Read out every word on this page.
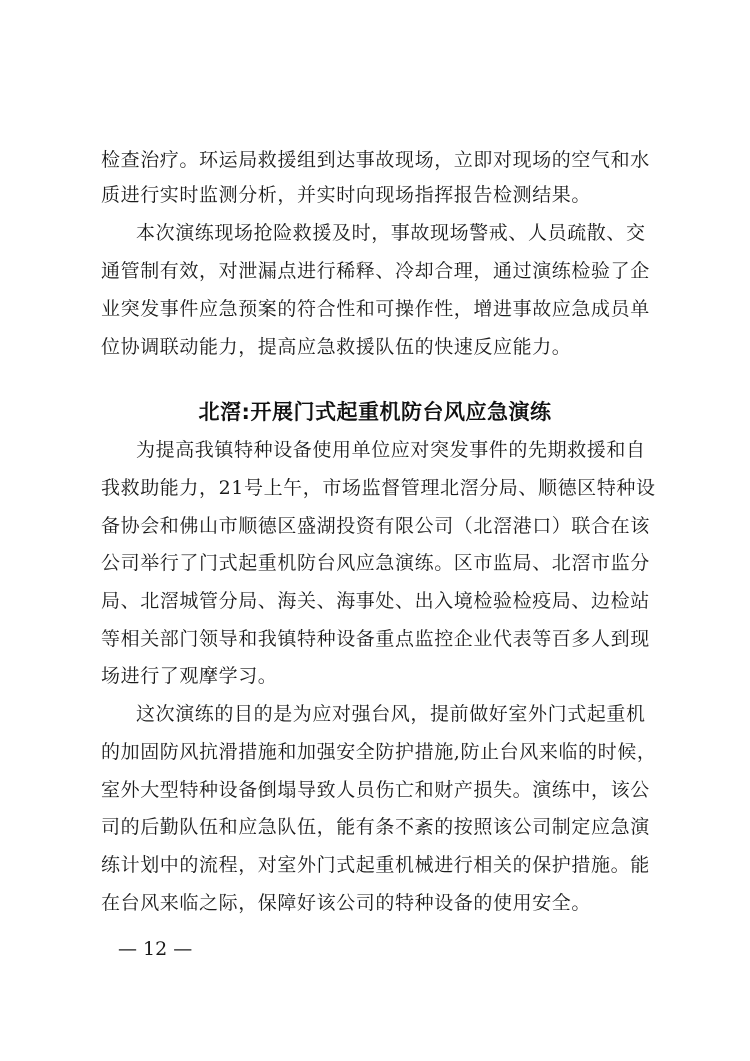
检查治疗。环运局救援组到达事故现场，立即对现场的空气和水
质进行实时监测分析，并实时向现场指挥报告检测结果。
本次演练现场抢险救援及时，事故现场警戒、人员疏散、交
通管制有效，对泄漏点进行稀释、冷却合理，通过演练检验了企
业突发事件应急预案的符合性和可操作性，增进事故应急成员单
位协调联动能力，提高应急救援队伍的快速反应能力。
北滘:开展门式起重机防台风应急演练
为提高我镇特种设备使用单位应对突发事件的先期救援和自
我救助能力，21号上午，市场监督管理北滘分局、顺德区特种设
备协会和佛山市顺德区盛湖投资有限公司（北滘港口）联合在该
公司举行了门式起重机防台风应急演练。区市监局、北滘市监分
局、北滘城管分局、海关、海事处、出入境检验检疫局、边检站
等相关部门领导和我镇特种设备重点监控企业代表等百多人到现
场进行了观摩学习。
这次演练的目的是为应对强台风，提前做好室外门式起重机
的加固防风抗滑措施和加强安全防护措施,防止台风来临的时候，
室外大型特种设备倒塌导致人员伤亡和财产损失。演练中，该公
司的后勤队伍和应急队伍，能有条不紊的按照该公司制定应急演
练计划中的流程，对室外门式起重机械进行相关的保护措施。能
在台风来临之际，保障好该公司的特种设备的使用安全。
— 12 —
